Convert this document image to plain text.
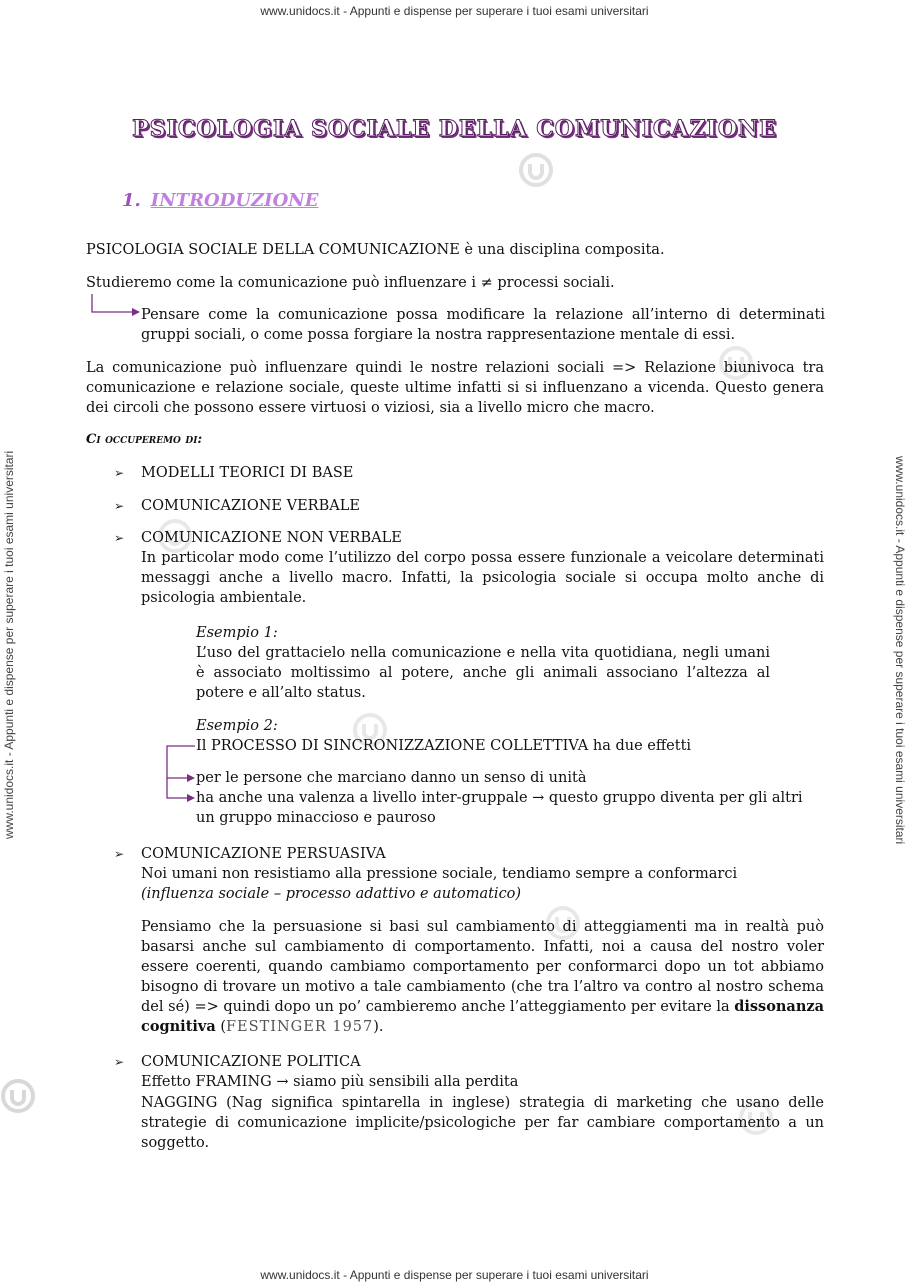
www.unidocs.it - Appunti e dispense per superare i tuoi esami universitari
www.unidocs.it - Appunti e dispense per superare i tuoi esami universitari
www.unidocs.it - Appunti e dispense per superare i tuoi esami universitari	www.unidocs.it - Appunti e dispense per superare i tuoi esami universitari
PSICOLOGIA SOCIALE DELLA COMUNICAZIONE
1. INTRODUZIONE
PSICOLOGIA SOCIALE DELLA COMUNICAZIONE è una disciplina composita.
Studieremo come la comunicazione può influenzare i ≠ processi sociali.
Pensare come la comunicazione possa modificare la relazione all’interno di determinati gruppi sociali, o come possa forgiare la nostra rappresentazione mentale di essi.
La comunicazione può influenzare quindi le nostre relazioni sociali => Relazione biunivoca tra comunicazione e relazione sociale, queste ultime infatti si si influenzano a vicenda. Questo genera dei circoli che possono essere virtuosi o viziosi, sia a livello micro che macro.
Ci occuperemo di:
➢ MODELLI TEORICI DI BASE
➢ COMUNICAZIONE VERBALE
➢ COMUNICAZIONE NON VERBALE
In particolar modo come l’utilizzo del corpo possa essere funzionale a veicolare determinati messaggi anche a livello macro. Infatti, la psicologia sociale si occupa molto anche di psicologia ambientale.
Esempio 1:
L’uso del grattacielo nella comunicazione e nella vita quotidiana, negli umani è associato moltissimo al potere, anche gli animali associano l’altezza al potere e all’alto status.
Esempio 2:
Il PROCESSO DI SINCRONIZZAZIONE COLLETTIVA ha due effetti
per le persone che marciano danno un senso di unità
ha anche una valenza a livello inter-gruppale → questo gruppo diventa per gli altri un gruppo minaccioso e pauroso
➢ COMUNICAZIONE PERSUASIVA
Noi umani non resistiamo alla pressione sociale, tendiamo sempre a conformarci
(influenza sociale – processo adattivo e automatico)
Pensiamo che la persuasione si basi sul cambiamento di atteggiamenti ma in realtà può basarsi anche sul cambiamento di comportamento. Infatti, noi a causa del nostro voler essere coerenti, quando cambiamo comportamento per conformarci dopo un tot abbiamo bisogno di trovare un motivo a tale cambiamento (che tra l’altro va contro al nostro schema del sé) => quindi dopo un po’ cambieremo anche l’atteggiamento per evitare la dissonanza cognitiva (FESTINGER 1957).
➢ COMUNICAZIONE POLITICA
Effetto FRAMING → siamo più sensibili alla perdita
NAGGING (Nag significa spintarella in inglese) strategia di marketing che usano delle strategie di comunicazione implicite/psicologiche per far cambiare comportamento a un soggetto.
